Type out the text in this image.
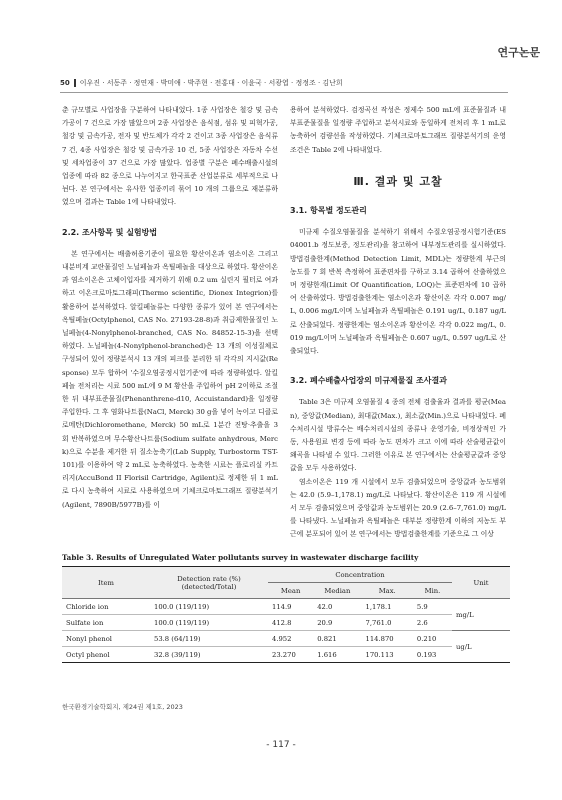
연구논문
50 이우진 · 서동주 · 정연재 · 박미애 · 박주현 · 전홍대 · 이윤국 · 서광엽 · 정정조 · 김난희

춘 규모별로 사업장을 구분하여 나타내었다. 1종 사업장은 철강 및 금속 가공이 7 건으로 가장 많았으며 2종 사업장은 음식점, 섬유 및 피혁가공, 철강 및 금속가공, 전자 및 반도체가 각각 2 건이고 3종 사업장은 음식류 7 건, 4종 사업장은 철강 및 금속가공 10 건, 5종 사업장은 자동차 수선 및 세차업종이 37 건으로 가장 많았다. 업종별 구분은 폐수배출시설의 업종에 따라 82 종으로 나누어지고 한국표준 산업분류로 세부적으로 나뉜다. 본 연구에서는 유사한 업종끼리 묶어 10 개의 그룹으로 재분류하였으며 결과는 Table 1에 나타내었다.

2.2. 조사항목 및 실험방법

본 연구에서는 배출허용기준이 필요한 황산이온과 염소이온 그리고 내분비계 교란물질인 노닐페놀과 옥틸페놀을 대상으로 하였다. 황산이온과 염소이온은 고체이입자를 제거하기 위해 0.2 um 실린지 필터로 여과하고 이온크로마토그래피(Thermo scientific, Dionex Integrion)를 활용하여 분석하였다. 알킬페놀류는 다양한 종류가 있어 본 연구에서는 옥틸페놀(Octylphenol, CAS No. 27193-28-8)과 취급제한물질인 노닐페놀(4-Nonylphenol-branched, CAS No. 84852-15-3)을 선택하였다. 노닐페놀(4-Nonylphenol-branched)은 13 개의 이성질체로 구성되어 있어 정량분석시 13 개의 피크를 분리한 뒤 각각의 지시값(Response) 모두 합하여 '수질오염공정시험기준'에 따라 정량하였다. 알킬페놀 전처리는 시료 500 mL에 9 M 황산을 주입하여 pH 2이하로 조절한 뒤 내부표준물질(Phenanthrene-d10, Accuistandard)을 일정량 주입한다. 그 후 염화나트륨(NaCl, Merck) 30 g을 넣어 녹이고 디클로로메탄(Dichloromethane, Merck) 50 mL로 1분간 진탕·추출을 3 회 반복하였으며 무수황산나트륨(Sodium sulfate anhydrous, Merck)으로 수분을 제거한 뒤 질소농축기(Lab Supply, Turbostorm TST-101)를 이용하여 약 2 mL로 농축하였다. 농축한 시료는 플로리실 카트리지(AccuBond II Florisil Cartridge, Agilent)로 정제한 뒤 1 mL로 다시 농축하여 시료로 사용하였으며 기체크로마토그래프 질량분석기(Agilent, 7890B/5977B)를 이

용하여 분석하였다. 검정곡선 작성은 정제수 500 mL에 표준물질과 내부표준물질을 일정량 주입하고 분석시료와 동일하게 전처리 후 1 mL로 농축하여 검량선을 작성하였다. 기체크로마토그래프 질량분석기의 운영조건은 Table 2에 나타내었다.

Ⅲ. 결과 및 고찰
3.1. 항목별 정도관리

미규제 수질오염물질을 분석하기 위해서 수질오염공정시험기준(ES 04001.b 정도보증, 정도관리)을 참고하여 내부정도관리를 실시하였다. 방법검출한계(Method Detection Limit, MDL)는 정량한계 부근의 농도를 7 회 반복 측정하여 표준편차를 구하고 3.14 곱하여 산출하였으며 정량한계(Limit Of Quantification, LOQ)는 표준편차에 10 곱하여 산출하였다. 방법검출한계는 염소이온과 황산이온 각각 0.007 mg/L, 0.006 mg/L이며 노닐페놀과 옥틸페놀은 0.191 ug/L, 0.187 ug/L로 산출되었다. 정량한계는 염소이온과 황산이온 각각 0.022 mg/L, 0.019 mg/L이며 노닐페놀과 옥틸페놀은 0.607 ug/L, 0.597 ug/L로 산출되었다.

3.2. 폐수배출사업장의 미규제물질 조사결과

Table 3은 미규제 오염물질 4 종의 전체 검출율과 결과를 평균(Mean), 중앙값(Median), 최대값(Max.), 최소값(Min.)으로 나타내었다. 폐수처리시설 방류수는 배수처리시설의 종류나 운영기술, 비정상적인 가동, 사용원료 변경 등에 따라 농도 편차가 크고 이에 따라 산술평균값이 왜곡을 나타낼 수 있다. 그러한 이유로 본 연구에서는 산술평균값과 중앙값을 모두 사용하였다.

염소이온은 119 개 시설에서 모두 검출되었으며 중앙값과 농도범위는 42.0 (5.9–1,178.1) mg/L로 나타났다. 황산이온은 119 개 시설에서 모두 검출되었으며 중앙값과 농도범위는 20.9 (2.6–7,761.0) mg/L를 나타냈다. 노닐페놀과 옥틸페놀은 대부분 정량한계 이하의 저농도 부근에 분포되어 있어 본 연구에서는 방법검출한계를 기준으로 그 이상

Table 3. Results of Unregulated Water pollutants survey in wastewater discharge facility
Item	Detection rate (%)
(detected/Total)	Concentration				Unit
		Mean	Median	Max.	Min.	
Chloride ion	100.0 (119/119)	114.9	42.0	1,178.1	5.9	mg/L
Sulfate ion	100.0 (119/119)	412.8	20.9	7,761.0	2.6	
Nonyl phenol	53.8 (64/119)	4.952	0.821	114.870	0.210	ug/L
Octyl phenol	32.8 (39/119)	23.270	1.616	170.113	0.193	
한국환경기술학회지, 제24권 제1호, 2023
- 117 -
